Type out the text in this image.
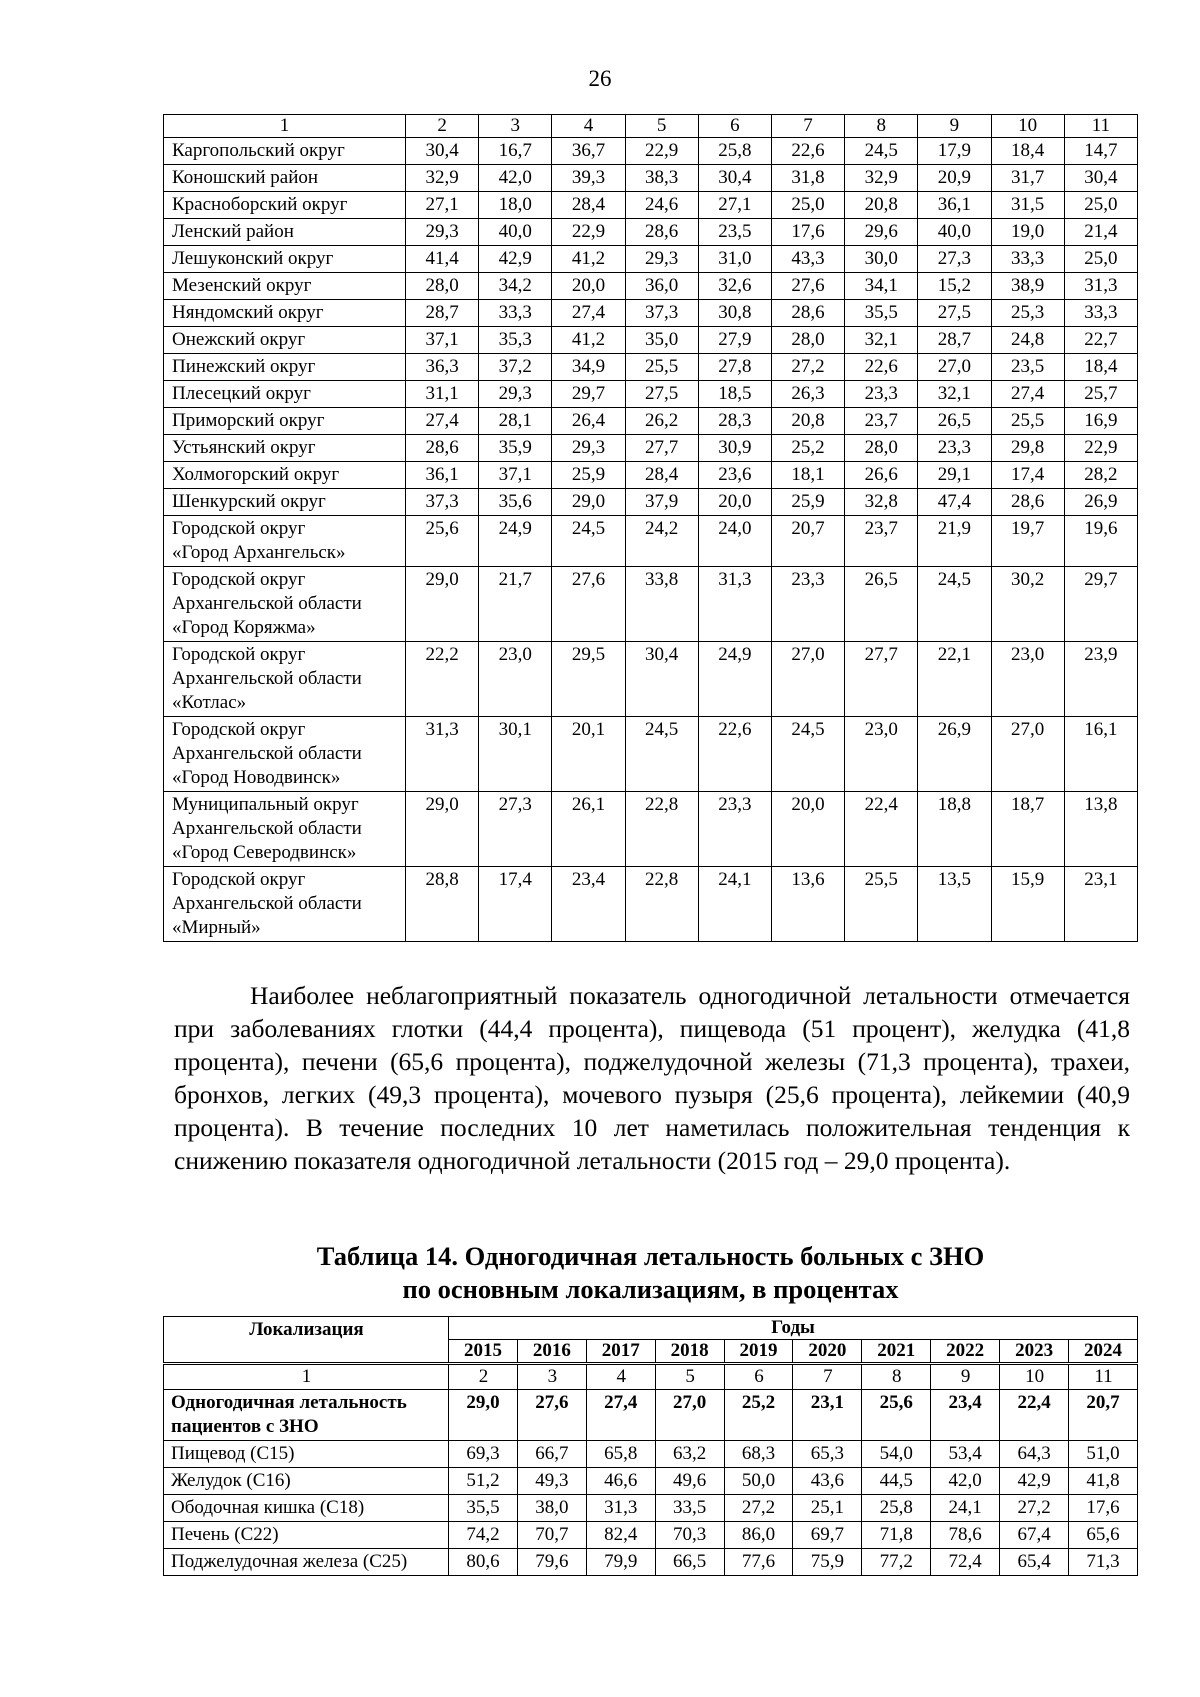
26
1	2	3	4	5	6	7	8	9	10	11

Каргопольский округ	30,4	16,7	36,7	22,9	25,8	22,6	24,5	17,9	18,4	14,7

Коношский район	32,9	42,0	39,3	38,3	30,4	31,8	32,9	20,9	31,7	30,4

Красноборский округ	27,1	18,0	28,4	24,6	27,1	25,0	20,8	36,1	31,5	25,0

Ленский район	29,3	40,0	22,9	28,6	23,5	17,6	29,6	40,0	19,0	21,4

Лешуконский округ	41,4	42,9	41,2	29,3	31,0	43,3	30,0	27,3	33,3	25,0

Мезенский округ	28,0	34,2	20,0	36,0	32,6	27,6	34,1	15,2	38,9	31,3

Няндомский округ	28,7	33,3	27,4	37,3	30,8	28,6	35,5	27,5	25,3	33,3

Онежский округ	37,1	35,3	41,2	35,0	27,9	28,0	32,1	28,7	24,8	22,7

Пинежский округ	36,3	37,2	34,9	25,5	27,8	27,2	22,6	27,0	23,5	18,4

Плесецкий округ	31,1	29,3	29,7	27,5	18,5	26,3	23,3	32,1	27,4	25,7

Приморский округ	27,4	28,1	26,4	26,2	28,3	20,8	23,7	26,5	25,5	16,9

Устьянский округ	28,6	35,9	29,3	27,7	30,9	25,2	28,0	23,3	29,8	22,9

Холмогорский округ	36,1	37,1	25,9	28,4	23,6	18,1	26,6	29,1	17,4	28,2

Шенкурский округ	37,3	35,6	29,0	37,9	20,0	25,9	32,8	47,4	28,6	26,9

Городской округ
«Город Архангельск»	25,6	24,9	24,5	24,2	24,0	20,7	23,7	21,9	19,7	19,6

Городской округ
Архангельской области
«Город Коряжма»	29,0	21,7	27,6	33,8	31,3	23,3	26,5	24,5	30,2	29,7

Городской округ
Архангельской области
«Котлас»	22,2	23,0	29,5	30,4	24,9	27,0	27,7	22,1	23,0	23,9

Городской округ
Архангельской области
«Город Новодвинск»	31,3	30,1	20,1	24,5	22,6	24,5	23,0	26,9	27,0	16,1

Муниципальный округ
Архангельской области
«Город Северодвинск»	29,0	27,3	26,1	22,8	23,3	20,0	22,4	18,8	18,7	13,8

Городской округ
Архангельской области
«Мирный»	28,8	17,4	23,4	22,8	24,1	13,6	25,5	13,5	15,9	23,1

Наиболее неблагоприятный показатель одногодичной летальности отмечается при заболеваниях глотки (44,4 процента), пищевода (51 процент), желудка (41,8 процента), печени (65,6 процента), поджелудочной железы (71,3 процента), трахеи, бронхов, легких (49,3 процента), мочевого пузыря (25,6 процента), лейкемии (40,9 процента). В течение последних 10 лет наметилась положительная тенденция к снижению показателя одногодичной летальности (2015 год – 29,0 процента).

Таблица 14. Одногодичная летальность больных с ЗНО
по основным локализациям, в процентах
Локализация	Годы									
	2015	2016	2017	2018	2019	2020	2021	2022	2023	2024
1	2	3	4	5	6	7	8	9	10	11

Одногодичная летальность
пациентов с ЗНО	29,0	27,6	27,4	27,0	25,2	23,1	25,6	23,4	22,4	20,7

Пищевод (С15)	69,3	66,7	65,8	63,2	68,3	65,3	54,0	53,4	64,3	51,0

Желудок (С16)	51,2	49,3	46,6	49,6	50,0	43,6	44,5	42,0	42,9	41,8

Ободочная кишка (С18)	35,5	38,0	31,3	33,5	27,2	25,1	25,8	24,1	27,2	17,6

Печень (С22)	74,2	70,7	82,4	70,3	86,0	69,7	71,8	78,6	67,4	65,6

Поджелудочная железа (С25)	80,6	79,6	79,9	66,5	77,6	75,9	77,2	72,4	65,4	71,3
